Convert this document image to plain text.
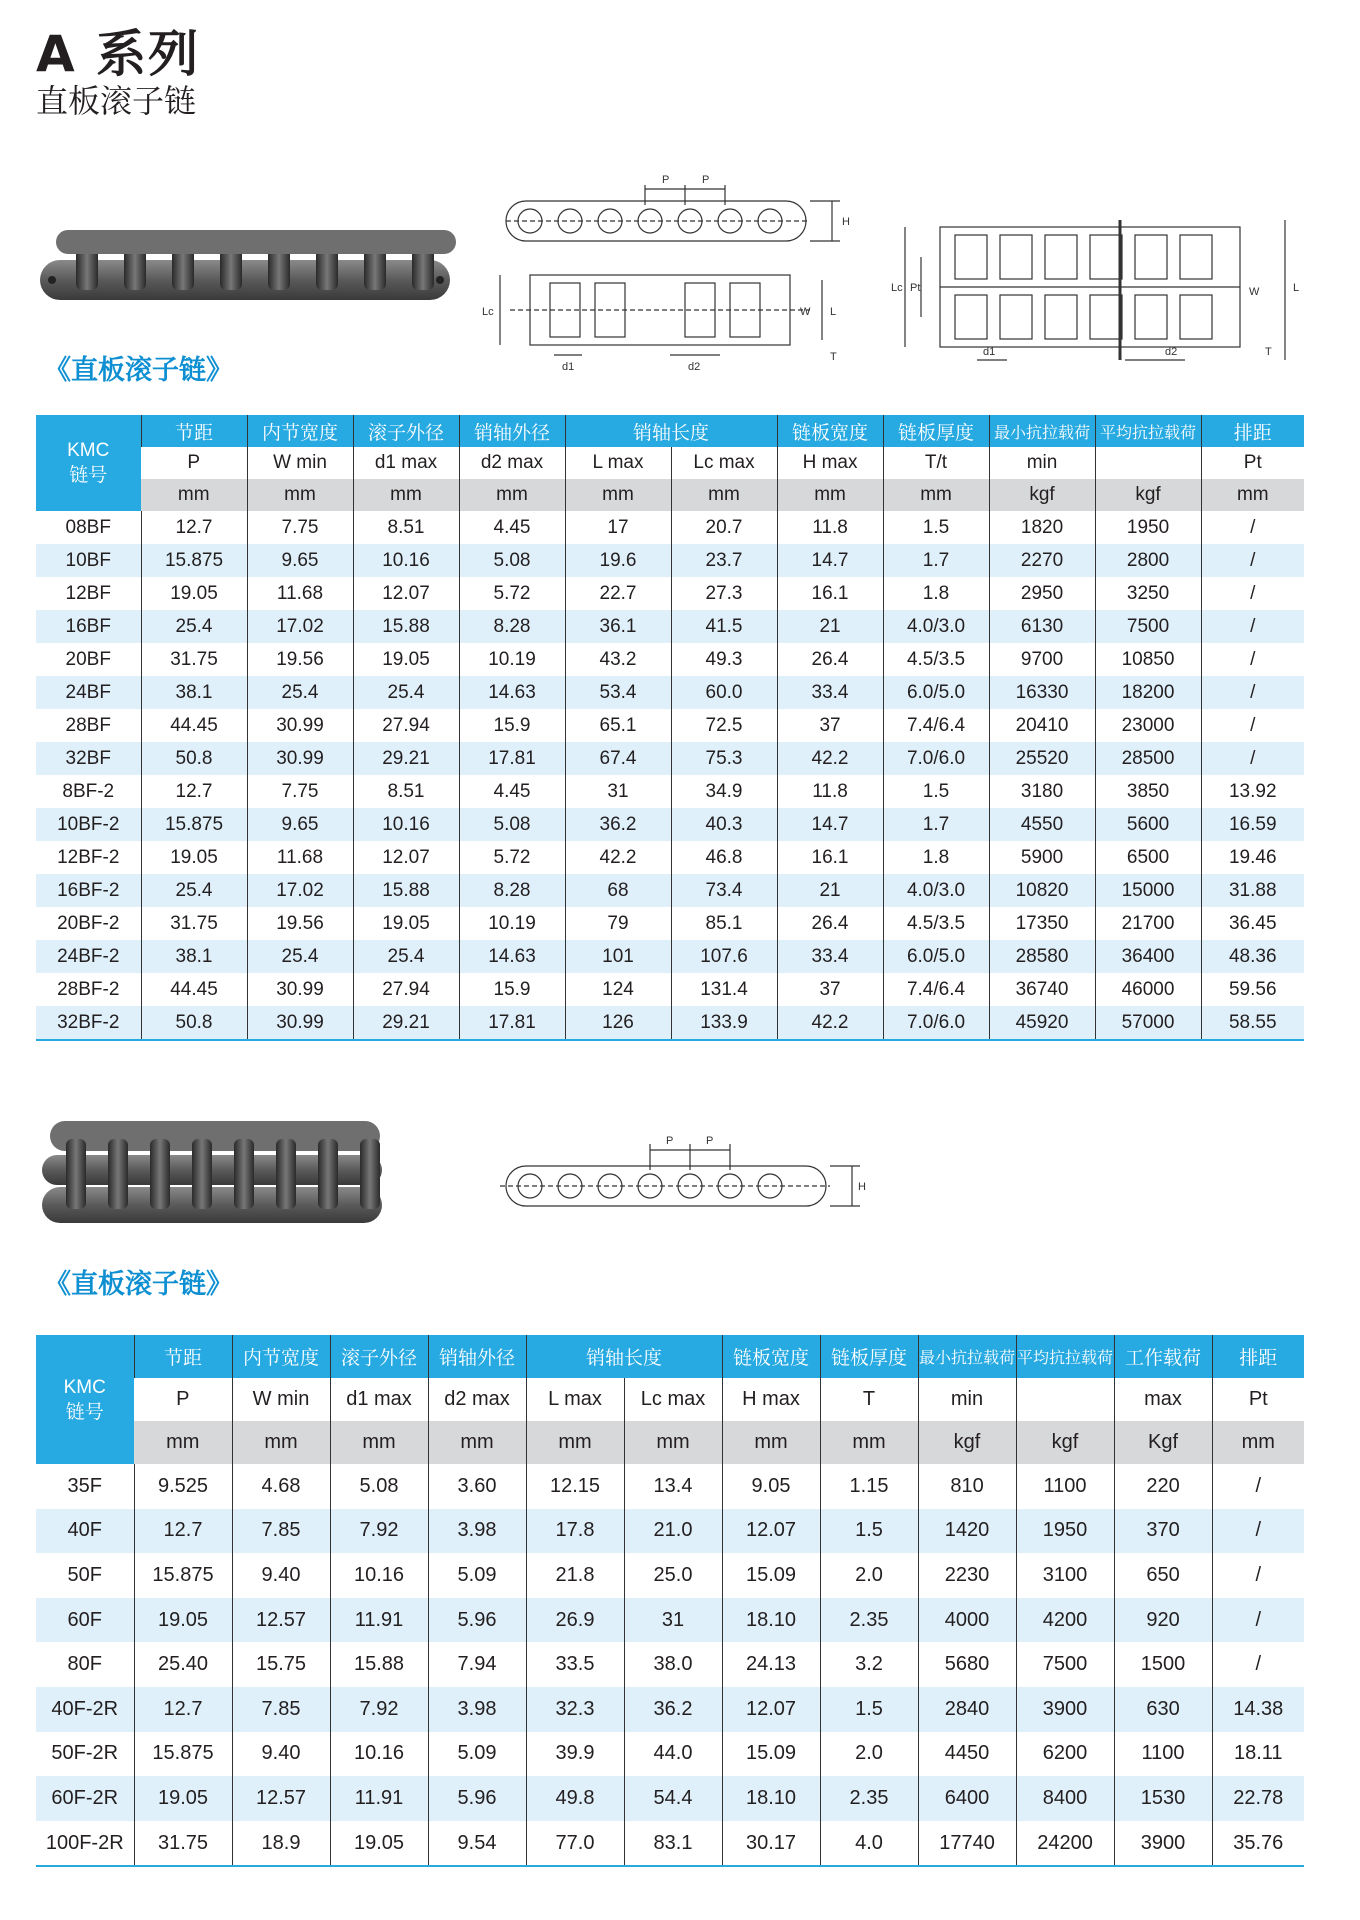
A 系列
直板滚子链
P	P
H
Lc	W L
T
d1	d2
Lc Pt	W	L
T
d1	d2
《直板滚子链》
KMC
链号	节距	内节宽度	滚子外径	销轴外径	销轴长度		链板宽度	链板厚度	最小抗拉载荷	平均抗拉载荷	排距
	P	W min	d1 max	d2 max	L max	Lc max	H max	T/t	min		Pt
	mm	mm	mm	mm	mm	mm	mm	mm	kgf	kgf	mm
08BF	12.7	7.75	8.51	4.45	17	20.7	11.8	1.5	1820	1950	/
10BF	15.875	9.65	10.16	5.08	19.6	23.7	14.7	1.7	2270	2800	/
12BF	19.05	11.68	12.07	5.72	22.7	27.3	16.1	1.8	2950	3250	/
16BF	25.4	17.02	15.88	8.28	36.1	41.5	21	4.0/3.0	6130	7500	/
20BF	31.75	19.56	19.05	10.19	43.2	49.3	26.4	4.5/3.5	9700	10850	/
24BF	38.1	25.4	25.4	14.63	53.4	60.0	33.4	6.0/5.0	16330	18200	/
28BF	44.45	30.99	27.94	15.9	65.1	72.5	37	7.4/6.4	20410	23000	/
32BF	50.8	30.99	29.21	17.81	67.4	75.3	42.2	7.0/6.0	25520	28500	/
8BF-2	12.7	7.75	8.51	4.45	31	34.9	11.8	1.5	3180	3850	13.92
10BF-2	15.875	9.65	10.16	5.08	36.2	40.3	14.7	1.7	4550	5600	16.59
12BF-2	19.05	11.68	12.07	5.72	42.2	46.8	16.1	1.8	5900	6500	19.46
16BF-2	25.4	17.02	15.88	8.28	68	73.4	21	4.0/3.0	10820	15000	31.88
20BF-2	31.75	19.56	19.05	10.19	79	85.1	26.4	4.5/3.5	17350	21700	36.45
24BF-2	38.1	25.4	25.4	14.63	101	107.6	33.4	6.0/5.0	28580	36400	48.36
28BF-2	44.45	30.99	27.94	15.9	124	131.4	37	7.4/6.4	36740	46000	59.56
32BF-2	50.8	30.99	29.21	17.81	126	133.9	42.2	7.0/6.0	45920	57000	58.55
P	P
H
《直板滚子链》
KMC
链号	节距	内节宽度	滚子外径	销轴外径	销轴长度		链板宽度	链板厚度	最小抗拉载荷	平均抗拉载荷	工作载荷	排距
	P	W min	d1 max	d2 max	L max	Lc max	H max	T	min		max	Pt
	mm	mm	mm	mm	mm	mm	mm	mm	kgf	kgf	Kgf	mm
35F	9.525	4.68	5.08	3.60	12.15	13.4	9.05	1.15	810	1100	220	/
40F	12.7	7.85	7.92	3.98	17.8	21.0	12.07	1.5	1420	1950	370	/
50F	15.875	9.40	10.16	5.09	21.8	25.0	15.09	2.0	2230	3100	650	/
60F	19.05	12.57	11.91	5.96	26.9	31	18.10	2.35	4000	4200	920	/
80F	25.40	15.75	15.88	7.94	33.5	38.0	24.13	3.2	5680	7500	1500	/
40F-2R	12.7	7.85	7.92	3.98	32.3	36.2	12.07	1.5	2840	3900	630	14.38
50F-2R	15.875	9.40	10.16	5.09	39.9	44.0	15.09	2.0	4450	6200	1100	18.11
60F-2R	19.05	12.57	11.91	5.96	49.8	54.4	18.10	2.35	6400	8400	1530	22.78
100F-2R	31.75	18.9	19.05	9.54	77.0	83.1	30.17	4.0	17740	24200	3900	35.76
